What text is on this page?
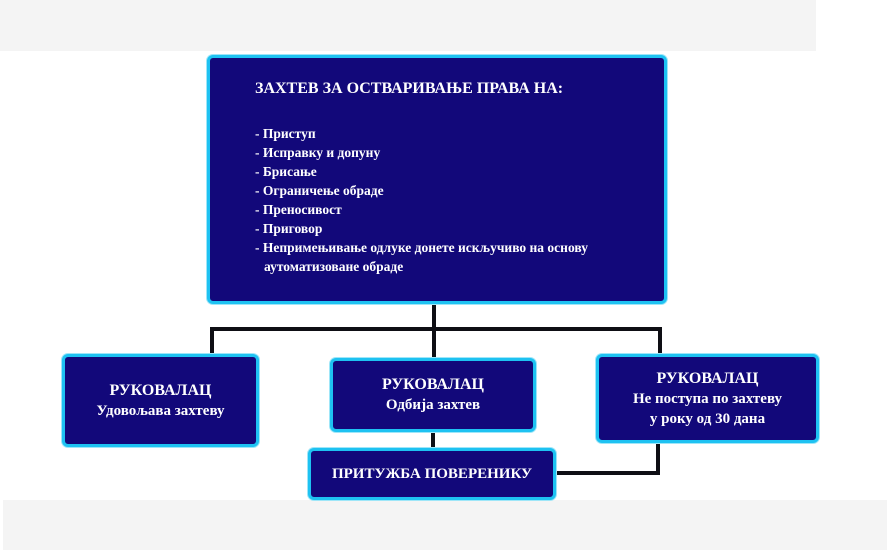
ЗАХТЕВ ЗА ОСТВАРИВАЊЕ ПРАВА НА:
- Приступ
- Исправку и допуну
- Брисање
- Ограничење обраде
- Преносивост
- Приговор
- Непримењивање одлуке донете искључиво на основу аутоматизоване обраде
РУКОВАЛАЦ
Удовољава захтеву
РУКОВАЛАЦ
Одбија захтев
РУКОВАЛАЦ
Не поступа по захтеву у року од 30 дана
ПРИТУЖБА ПОВЕРЕНИКУ
